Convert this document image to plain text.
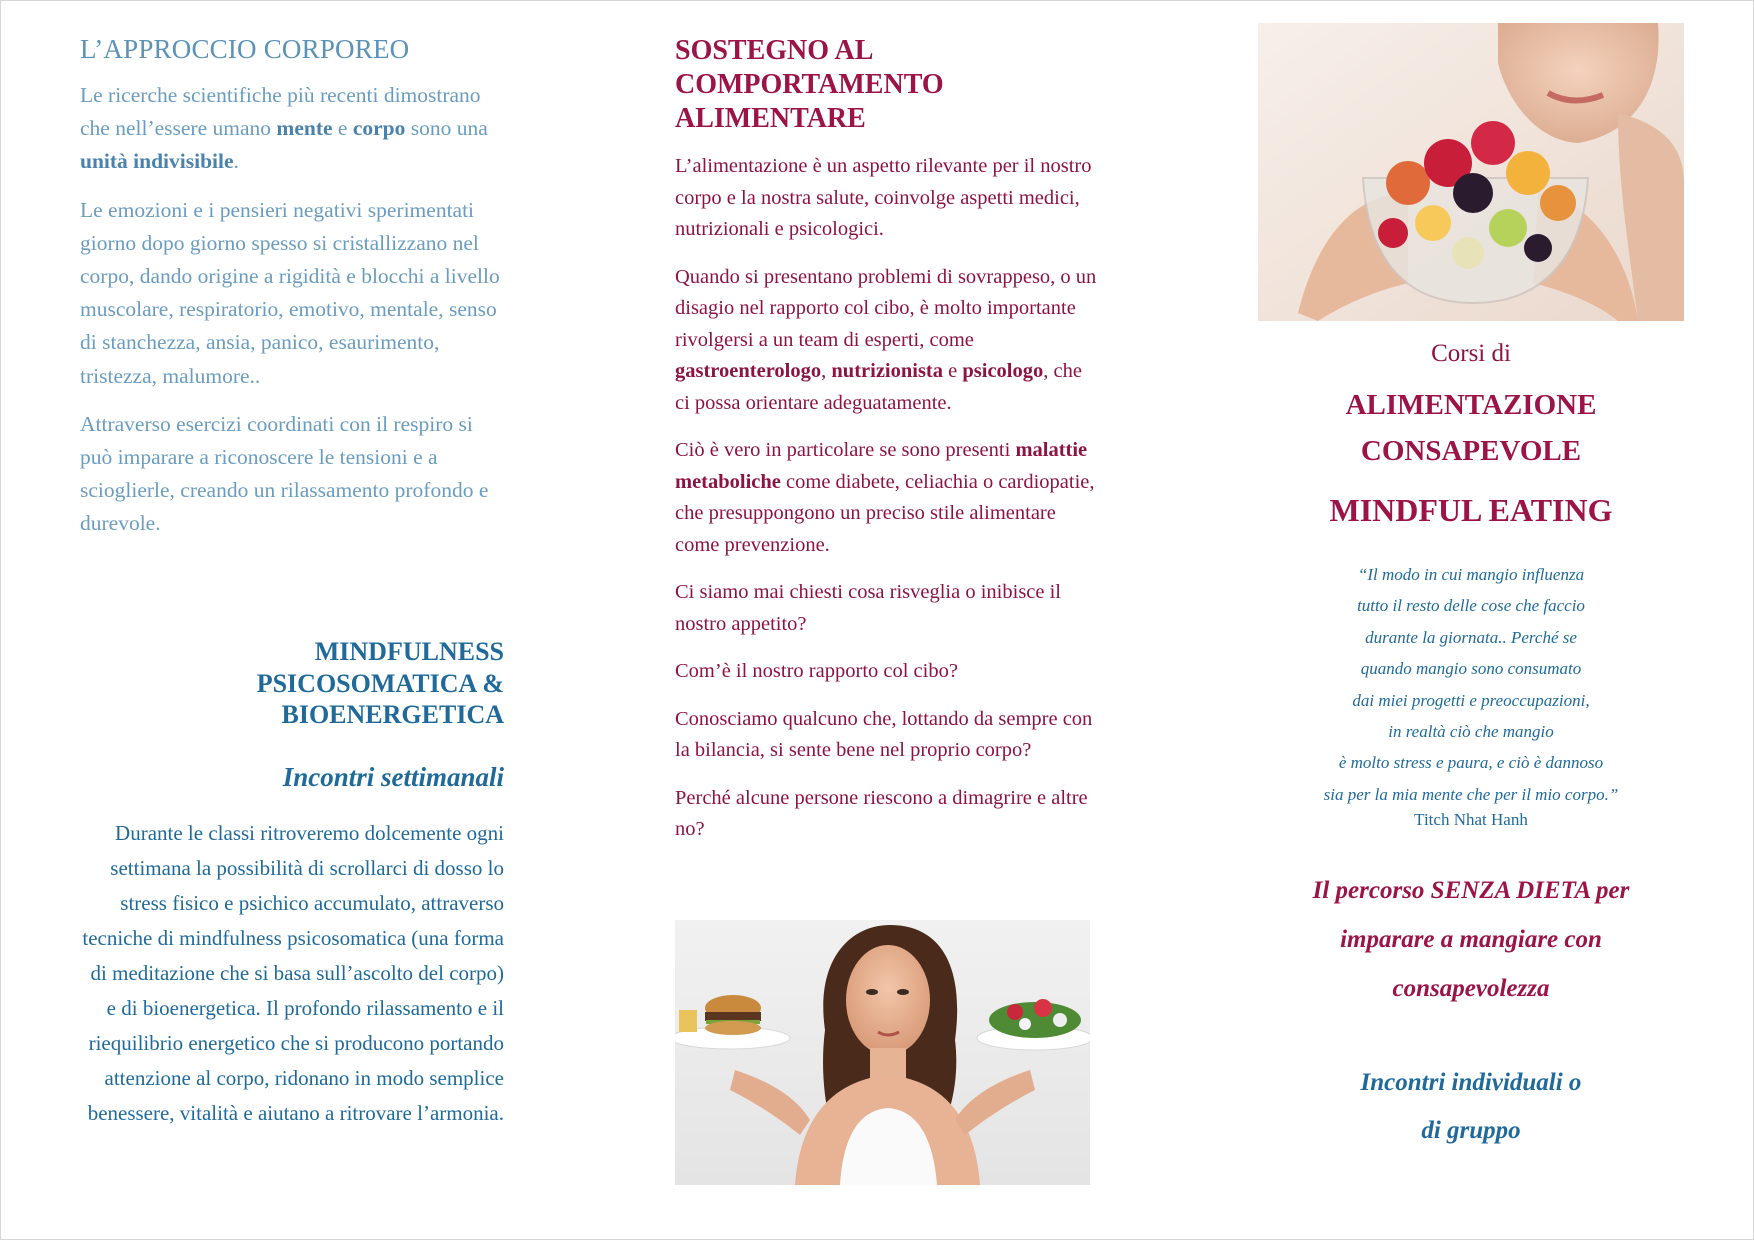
L’APPROCCIO CORPOREO

Le ricerche scientifiche più recenti dimostrano che nell’essere umano mente e corpo sono una unità indivisibile.

Le emozioni e i pensieri negativi sperimentati giorno dopo giorno spesso si cristallizzano nel corpo, dando origine a rigidità e blocchi a livello muscolare, respiratorio, emotivo, mentale, senso di stanchezza, ansia, panico, esaurimento, tristezza, malumore..

Attraverso esercizi coordinati con il respiro si può imparare a riconoscere le tensioni e a scioglierle, creando un rilassamento profondo e durevole.

MINDFULNESS
PSICOSOMATICA &
BIOENERGETICA
Incontri settimanali

Durante le classi ritroveremo dolcemente ogni settimana la possibilità di scrollarci di dosso lo stress fisico e psichico accumulato, attraverso tecniche di mindfulness psicosomatica (una forma di meditazione che si basa sull’ascolto del corpo) e di bioenergetica. Il profondo rilassamento e il riequilibrio energetico che si producono portando attenzione al corpo, ridonano in modo semplice benessere, vitalità e aiutano a ritrovare l’armonia.

SOSTEGNO AL
COMPORTAMENTO
ALIMENTARE

L’alimentazione è un aspetto rilevante per il nostro corpo e la nostra salute, coinvolge aspetti medici, nutrizionali e psicologici.

Quando si presentano problemi di sovrappeso, o un disagio nel rapporto col cibo, è molto importante rivolgersi a un team di esperti, come gastroenterologo, nutrizionista e psicologo, che ci possa orientare adeguatamente.

Ciò è vero in particolare se sono presenti malattie metaboliche come diabete, celiachia o cardiopatie, che presuppongono un preciso stile alimentare come prevenzione.

Ci siamo mai chiesti cosa risveglia o inibisce il nostro appetito?

Com’è il nostro rapporto col cibo?

Conosciamo qualcuno che, lottando da sempre con la bilancia, si sente bene nel proprio corpo?

Perché alcune persone riescono a dimagrire e altre no?

Corsi di

ALIMENTAZIONE
CONSAPEVOLE
MINDFUL EATING

“Il modo in cui mangio influenza
tutto il resto delle cose che faccio
durante la giornata.. Perché se
quando mangio sono consumato
dai miei progetti e preoccupazioni,
in realtà ciò che mangio
è molto stress e paura, e ciò è dannoso
sia per la mia mente che per il mio corpo.”

Titch Nhat Hanh

Il percorso SENZA DIETA per
imparare a mangiare con
consapevolezza

Incontri individuali o
di gruppo
